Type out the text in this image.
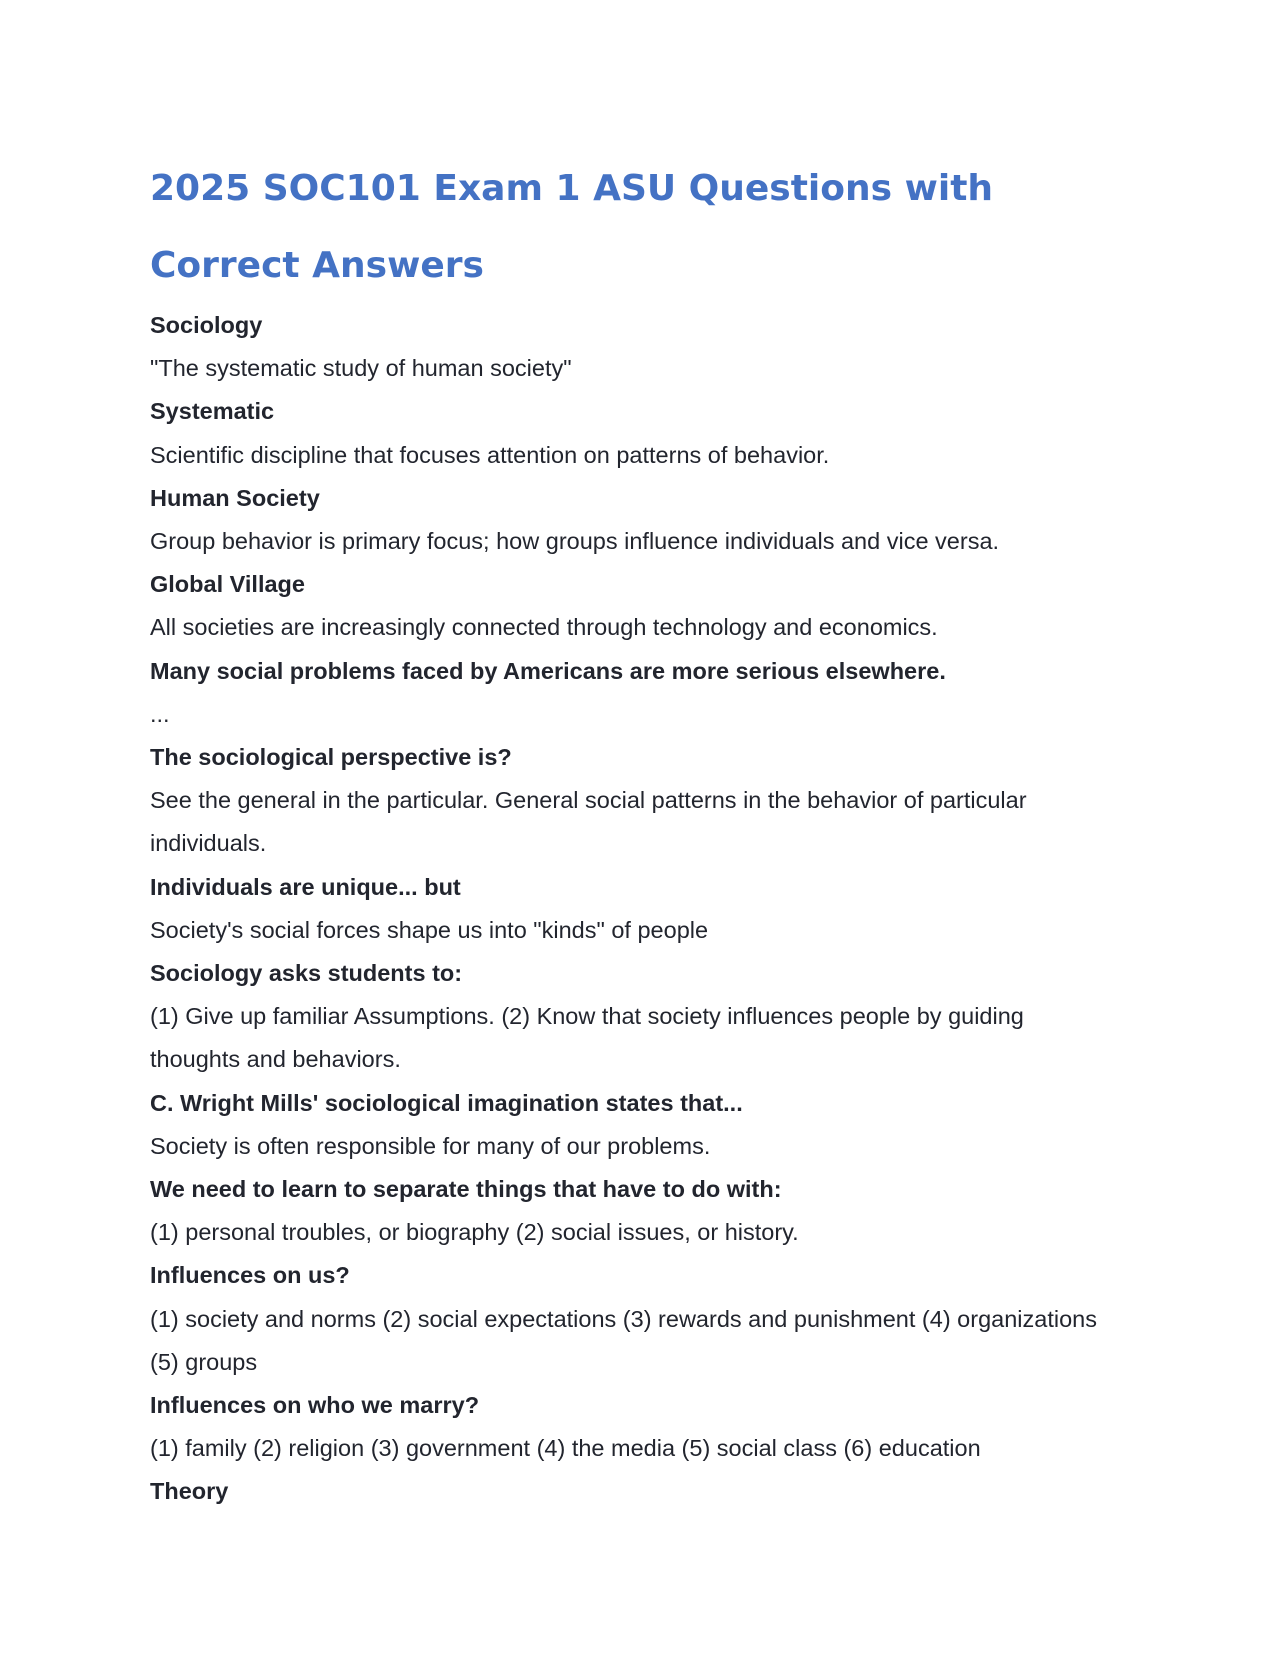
2025 SOC101 Exam 1 ASU Questions with Correct Answers

Sociology

"The systematic study of human society"

Systematic

Scientific discipline that focuses attention on patterns of behavior.

Human Society

Group behavior is primary focus; how groups influence individuals and vice versa.

Global Village

All societies are increasingly connected through technology and economics.

Many social problems faced by Americans are more serious elsewhere.

...

The sociological perspective is?

See the general in the particular. General social patterns in the behavior of particular individuals.

Individuals are unique... but

Society's social forces shape us into "kinds" of people

Sociology asks students to:

(1) Give up familiar Assumptions. (2) Know that society influences people by guiding thoughts and behaviors.

C. Wright Mills' sociological imagination states that...

Society is often responsible for many of our problems.

We need to learn to separate things that have to do with:

(1) personal troubles, or biography (2) social issues, or history.

Influences on us?

(1) society and norms (2) social expectations (3) rewards and punishment (4) organizations (5) groups

Influences on who we marry?

(1) family (2) religion (3) government (4) the media (5) social class (6) education

Theory
